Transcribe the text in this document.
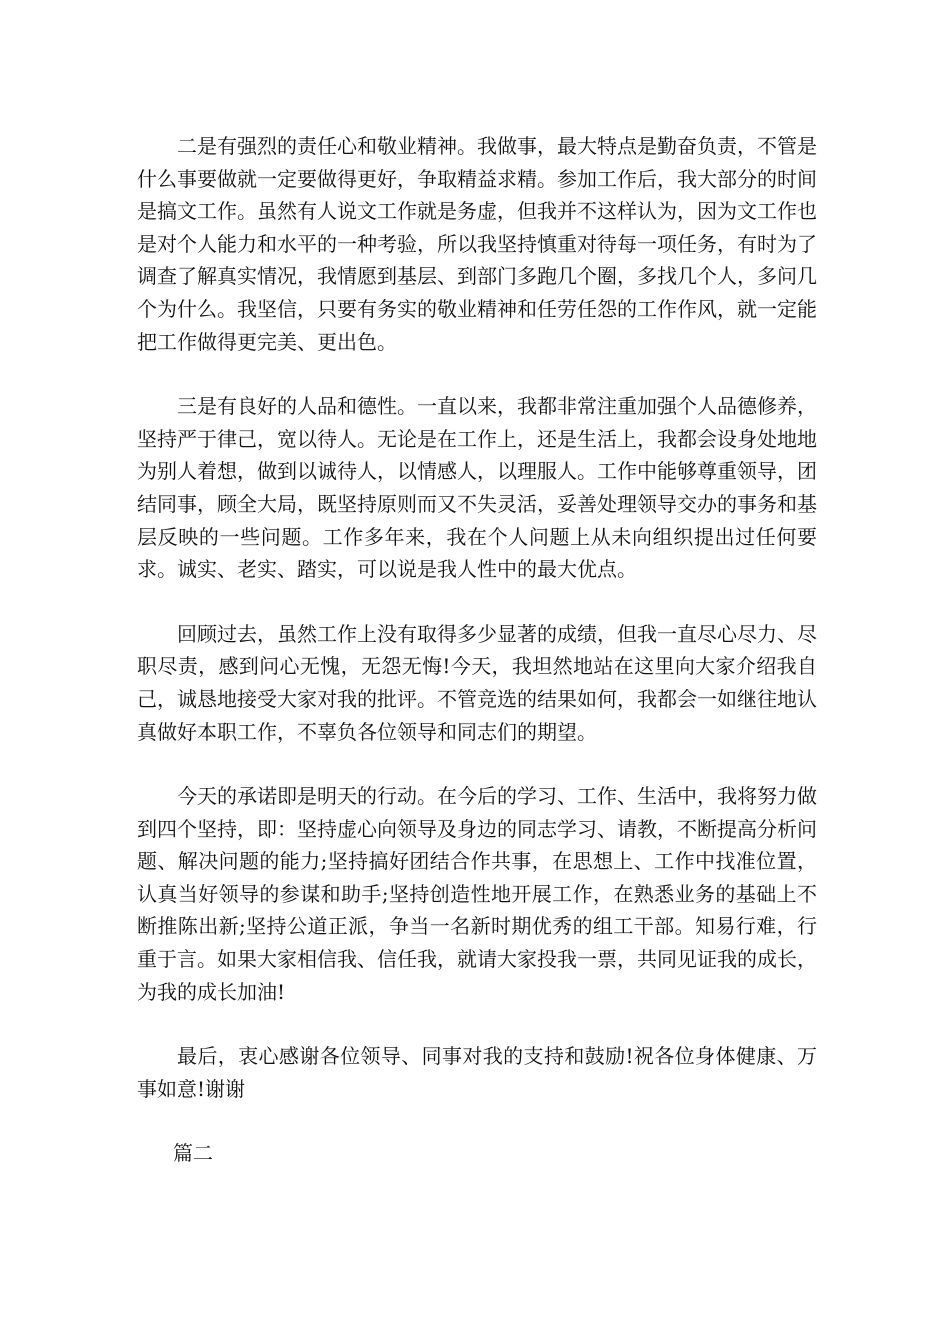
二是有强烈的责任心和敬业精神。我做事，最大特点是勤奋负责，不管是什么事要做就一定要做得更好，争取精益求精。参加工作后，我大部分的时间是搞文工作。虽然有人说文工作就是务虚，但我并不这样认为，因为文工作也是对个人能力和水平的一种考验，所以我坚持慎重对待每一项任务，有时为了调查了解真实情况，我情愿到基层、到部门多跑几个圈，多找几个人，多问几个为什么。我坚信，只要有务实的敬业精神和任劳任怨的工作作风，就一定能把工作做得更完美、更出色。

三是有良好的人品和德性。一直以来，我都非常注重加强个人品德修养，坚持严于律己，宽以待人。无论是在工作上，还是生活上，我都会设身处地地为别人着想，做到以诚待人，以情感人，以理服人。工作中能够尊重领导，团结同事，顾全大局，既坚持原则而又不失灵活，妥善处理领导交办的事务和基层反映的一些问题。工作多年来，我在个人问题上从未向组织提出过任何要求。诚实、老实、踏实，可以说是我人性中的最大优点。

回顾过去，虽然工作上没有取得多少显著的成绩，但我一直尽心尽力、尽职尽责，感到问心无愧，无怨无悔!今天，我坦然地站在这里向大家介绍我自己，诚恳地接受大家对我的批评。不管竞选的结果如何，我都会一如继往地认真做好本职工作，不辜负各位领导和同志们的期望。

今天的承诺即是明天的行动。在今后的学习、工作、生活中，我将努力做到四个坚持，即：坚持虚心向领导及身边的同志学习、请教，不断提高分析问题、解决问题的能力;坚持搞好团结合作共事，在思想上、工作中找准位置，认真当好领导的参谋和助手;坚持创造性地开展工作，在熟悉业务的基础上不断推陈出新;坚持公道正派，争当一名新时期优秀的组工干部。知易行难，行重于言。如果大家相信我、信任我，就请大家投我一票，共同见证我的成长，为我的成长加油!

最后，衷心感谢各位领导、同事对我的支持和鼓励!祝各位身体健康、万事如意!谢谢

篇二
